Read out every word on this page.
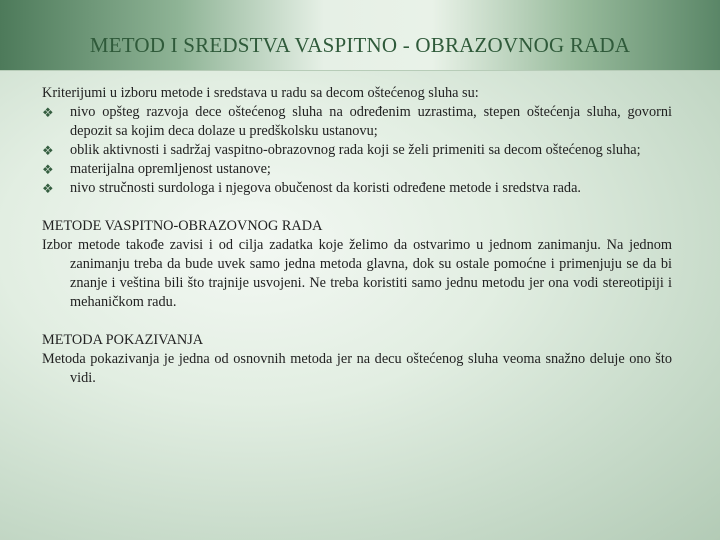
METOD I SREDSTVA VASPITNO - OBRAZOVNOG RADA

Kriterijumi u izboru metode i sredstava u radu sa decom oštećenog sluha su:

❖	nivo opšteg razvoja dece oštećenog sluha na određenim uzrastima, stepen oštećenja sluha, govorni depozit sa kojim deca dolaze u predškolsku ustanovu;
❖	oblik aktivnosti i sadržaj vaspitno-obrazovnog rada koji se želi primeniti sa decom oštećenog sluha;
❖	materijalna opremljenost ustanove;
❖	nivo stručnosti surdologa i njegova obučenost da koristi određene metode i sredstva rada.

METODE VASPITNO-OBRAZOVNOG RADA

Izbor metode takođe zavisi i od cilja zadatka koje želimo da ostvarimo u jednom zanimanju. Na jednom zanimanju treba da bude uvek samo jedna metoda glavna, dok su ostale pomoćne i primenjuju se da bi znanje i veština bili što trajnije usvojeni. Ne treba koristiti samo jednu metodu jer ona vodi stereotipiji i mehaničkom radu.

METODA POKAZIVANJA

Metoda pokazivanja je jedna od osnovnih metoda jer na decu oštećenog sluha veoma snažno deluje ono što vidi.
